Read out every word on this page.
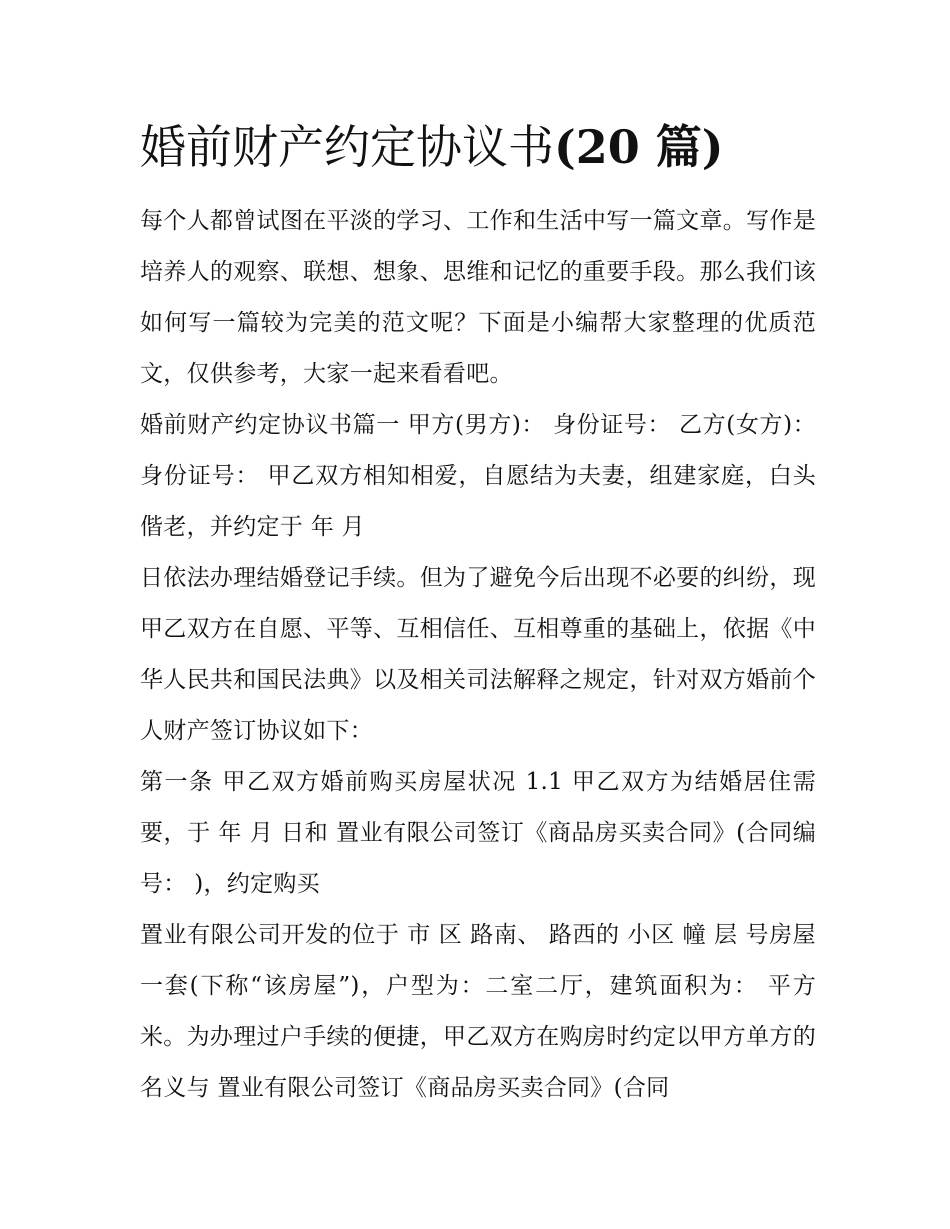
婚前财产约定协议书(20 篇)

每个人都曾试图在平淡的学习、工作和生活中写一篇文章。写作是培养人的观察、联想、想象、思维和记忆的重要手段。那么我们该如何写一篇较为完美的范文呢？下面是小编帮大家整理的优质范文，仅供参考，大家一起来看看吧。

婚前财产约定协议书篇一 甲方(男方)： 身份证号： 乙方(女方)： 身份证号： 甲乙双方相知相爱，自愿结为夫妻，组建家庭，白头偕老，并约定于 年 月

日依法办理结婚登记手续。但为了避免今后出现不必要的纠纷，现甲乙双方在自愿、平等、互相信任、互相尊重的基础上，依据《中华人民共和国民法典》以及相关司法解释之规定，针对双方婚前个人财产签订协议如下：

第一条 甲乙双方婚前购买房屋状况 1.1 甲乙双方为结婚居住需要，于 年 月 日和 置业有限公司签订《商品房买卖合同》(合同编号： )，约定购买

置业有限公司开发的位于 市 区 路南、 路西的 小区 幢 层 号房屋一套(下称“该房屋”)，户型为：二室二厅，建筑面积为： 平方米。为办理过户手续的便捷，甲乙双方在购房时约定以甲方单方的名义与 置业有限公司签订《商品房买卖合同》(合同
